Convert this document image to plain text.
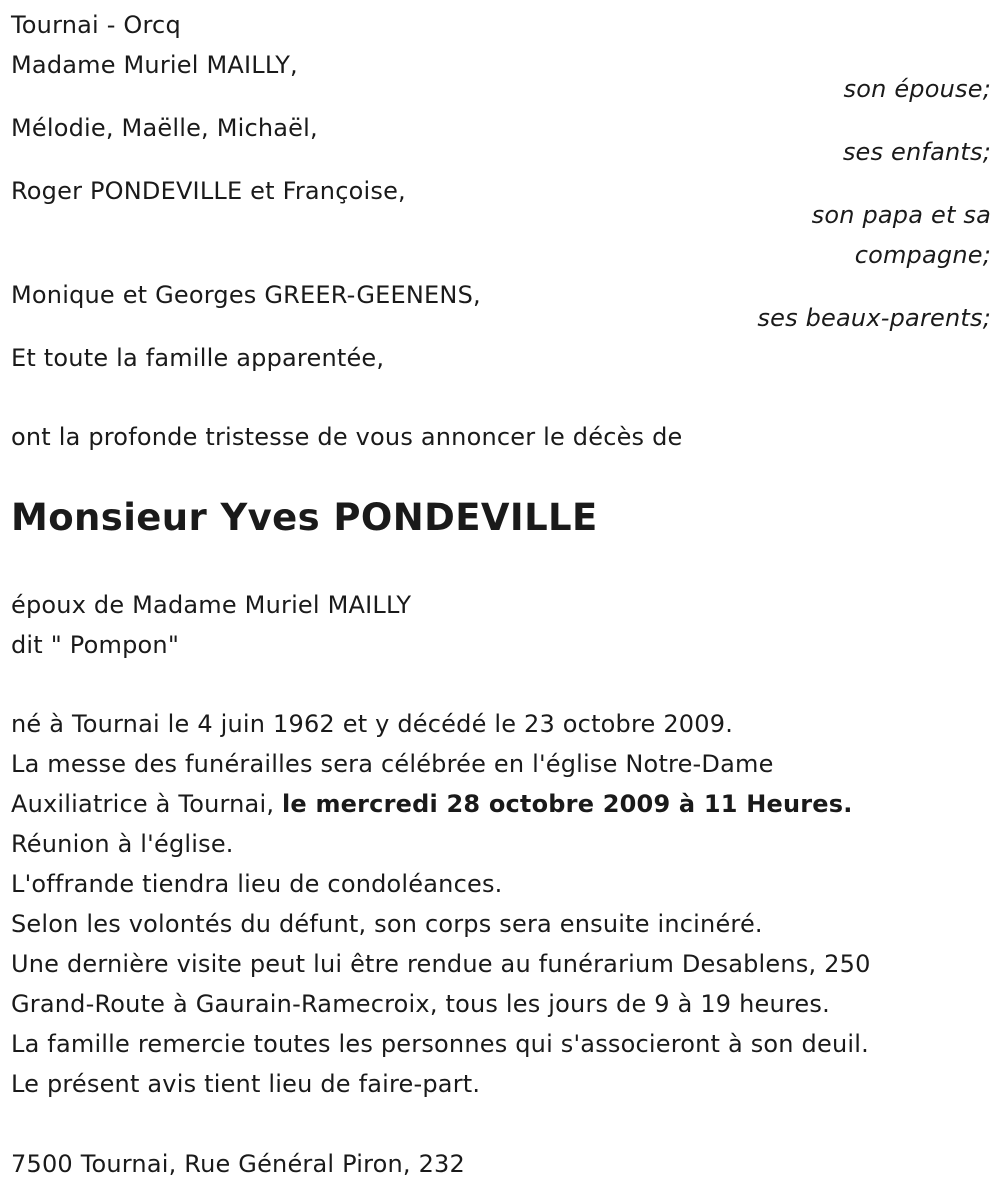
Tournai - Orcq
Madame Muriel MAILLY,
son épouse;
Mélodie, Maëlle, Michaël,
ses enfants;
Roger PONDEVILLE et Françoise,
son papa et sa
compagne;
Monique et Georges GREER-GEENENS,
ses beaux-parents;
Et toute la famille apparentée,
ont la profonde tristesse de vous annoncer le décès de
Monsieur Yves PONDEVILLE
époux de Madame Muriel MAILLY
dit " Pompon"
né à Tournai le 4 juin 1962 et y décédé le 23 octobre 2009.
La messe des funérailles sera célébrée en l'église Notre-Dame
Auxiliatrice à Tournai, le mercredi 28 octobre 2009 à 11 Heures.
Réunion à l'église.
L'offrande tiendra lieu de condoléances.
Selon les volontés du défunt, son corps sera ensuite incinéré.
Une dernière visite peut lui être rendue au funérarium Desablens, 250
Grand-Route à Gaurain-Ramecroix, tous les jours de 9 à 19 heures.
La famille remercie toutes les personnes qui s'associeront à son deuil.
Le présent avis tient lieu de faire-part.
7500 Tournai, Rue Général Piron, 232
